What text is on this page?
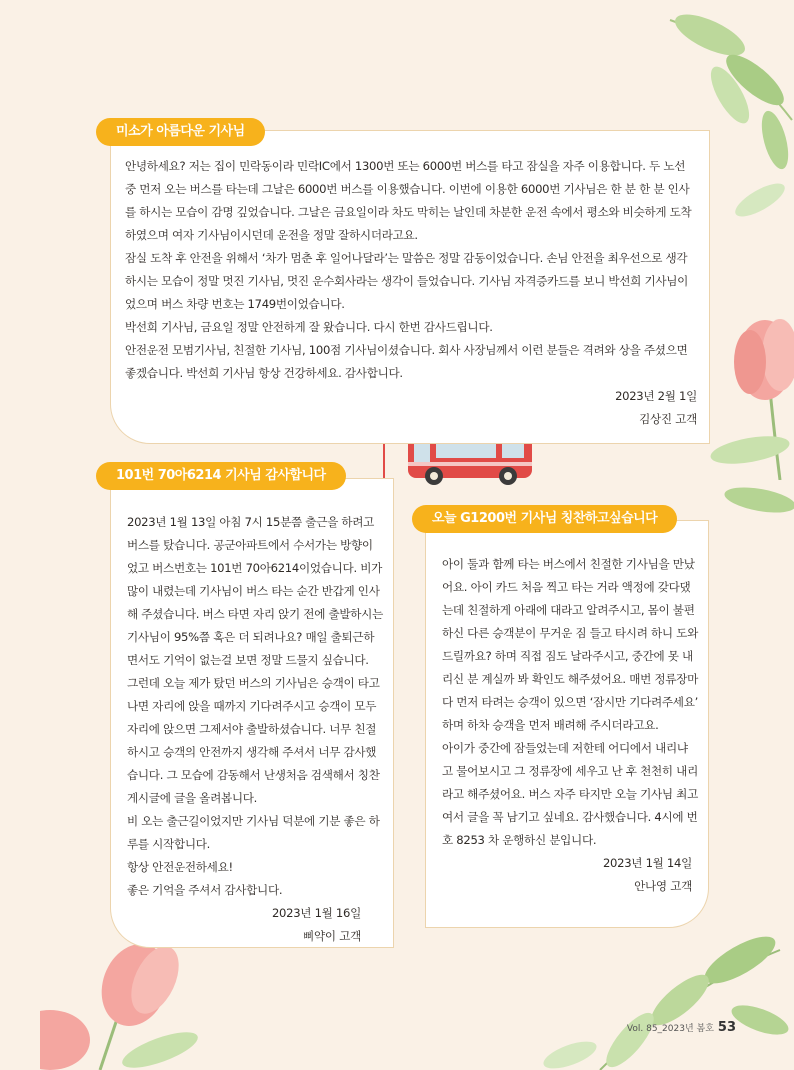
안녕하세요? 저는 집이 민락동이라 민락IC에서 1300번 또는 6000번 버스를 타고 잠실을 자주 이용합니다. 두 노선 중 먼저 오는 버스를 타는데 그날은 6000번 버스를 이용했습니다. 이번에 이용한 6000번 기사님은 한 분 한 분 인사를 하시는 모습이 감명 깊었습니다. 그날은 금요일이라 차도 막히는 날인데 차분한 운전 속에서 평소와 비슷하게 도착하였으며 여자 기사님이시던데 운전을 정말 잘하시더라고요.

잠실 도착 후 안전을 위해서 ‘차가 멈춘 후 일어나달라’는 말씀은 정말 감동이었습니다. 손님 안전을 최우선으로 생각하시는 모습이 정말 멋진 기사님, 멋진 운수회사라는 생각이 들었습니다. 기사님 자격증카드를 보니 박선희 기사님이었으며 버스 차량 번호는 1749번이었습니다.

박선희 기사님, 금요일 정말 안전하게 잘 왔습니다. 다시 한번 감사드립니다.

안전운전 모범기사님, 친절한 기사님, 100점 기사님이셨습니다. 회사 사장님께서 이런 분들은 격려와 상을 주셨으면 좋겠습니다. 박선희 기사님 항상 건강하세요. 감사합니다.

2023년 2월 1일

김상진 고객

미소가 아름다운 기사님

2023년 1월 13일 아침 7시 15분쯤 출근을 하려고 버스를 탔습니다. 공군아파트에서 수서가는 방향이었고 버스번호는 101번 70아6214이었습니다. 비가 많이 내렸는데 기사님이 버스 타는 순간 반갑게 인사해 주셨습니다. 버스 타면 자리 앉기 전에 출발하시는 기사님이 95%쯤 혹은 더 되려나요? 매일 출퇴근하면서도 기억이 없는걸 보면 정말 드물지 싶습니다.

그런데 오늘 제가 탔던 버스의 기사님은 승객이 타고 나면 자리에 앉을 때까지 기다려주시고 승객이 모두 자리에 앉으면 그제서야 출발하셨습니다. 너무 친절하시고 승객의 안전까지 생각해 주셔서 너무 감사했습니다. 그 모습에 감동해서 난생처음 검색해서 칭찬게시글에 글을 올려봅니다.

비 오는 출근길이었지만 기사님 덕분에 기분 좋은 하루를 시작합니다.

항상 안전운전하세요!

좋은 기억을 주셔서 감사합니다.

2023년 1월 16일

삐약이 고객

101번 70아6214 기사님 감사합니다

아이 둘과 함께 타는 버스에서 친절한 기사님을 만났어요. 아이 카드 처음 찍고 타는 거라 액정에 갖다댔는데 친절하게 아래에 대라고 알려주시고, 몸이 불편하신 다른 승객분이 무거운 짐 들고 타시려 하니 도와드릴까요? 하며 직접 짐도 날라주시고, 중간에 못 내리신 분 계실까 봐 확인도 해주셨어요. 매번 정류장마다 먼저 타려는 승객이 있으면 ‘잠시만 기다려주세요’ 하며 하차 승객을 먼저 배려해 주시더라고요.

아이가 중간에 잠들었는데 저한테 어디에서 내리냐고 물어보시고 그 정류장에 세우고 난 후 천천히 내리라고 해주셨어요. 버스 자주 타지만 오늘 기사님 최고여서 글을 꼭 남기고 싶네요. 감사했습니다. 4시에 번호 8253 차 운행하신 분입니다.

2023년 1월 14일

안나영 고객

오늘 G1200번 기사님 칭찬하고싶습니다
Vol. 85_2023년 봄호 53
